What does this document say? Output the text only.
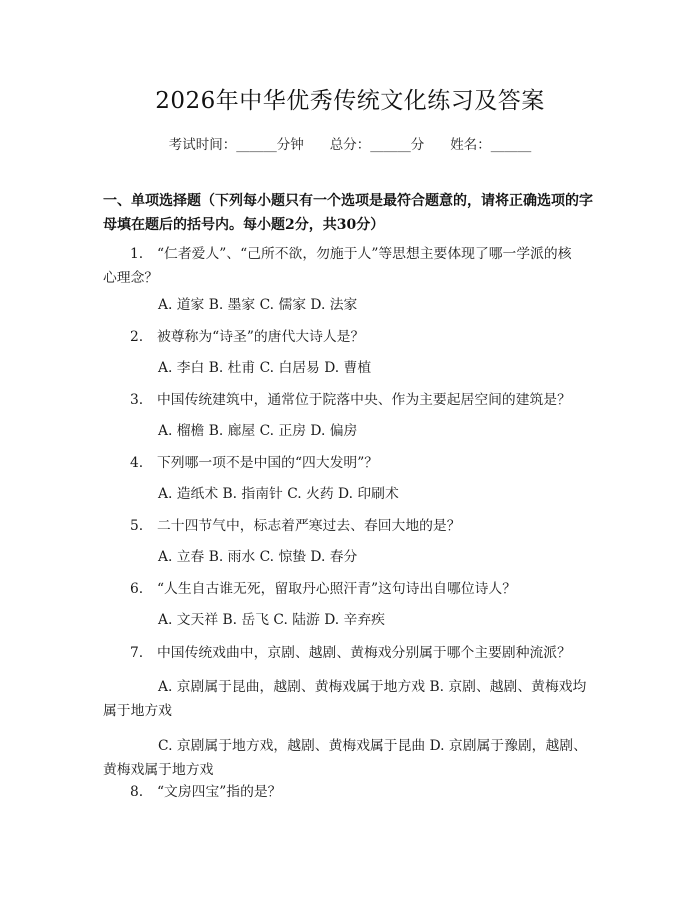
2026年中华优秀传统文化练习及答案
考试时间：______分钟 总分：______分 姓名：______
一、单项选择题（下列每小题只有一个选项是最符合题意的，请将正确选项的字
母填在题后的括号内。每小题2分，共30分）
1. “仁者爱人”、“己所不欲，勿施于人”等思想主要体现了哪一学派的核
心理念？
A. 道家 B. 墨家 C. 儒家 D. 法家
2. 被尊称为“诗圣”的唐代大诗人是？
A. 李白 B. 杜甫 C. 白居易 D. 曹植
3. 中国传统建筑中，通常位于院落中央、作为主要起居空间的建筑是？
A. 榴檐 B. 廊屋 C. 正房 D. 偏房
4. 下列哪一项不是中国的“四大发明”？
A. 造纸术 B. 指南针 C. 火药 D. 印刷术
5. 二十四节气中，标志着严寒过去、春回大地的是？
A. 立春 B. 雨水 C. 惊蛰 D. 春分
6. “人生自古谁无死，留取丹心照汗青”这句诗出自哪位诗人？
A. 文天祥 B. 岳飞 C. 陆游 D. 辛弃疾
7. 中国传统戏曲中，京剧、越剧、黄梅戏分别属于哪个主要剧种流派？
A. 京剧属于昆曲，越剧、黄梅戏属于地方戏 B. 京剧、越剧、黄梅戏均
属于地方戏
C. 京剧属于地方戏，越剧、黄梅戏属于昆曲 D. 京剧属于豫剧，越剧、
黄梅戏属于地方戏
8. “文房四宝”指的是？
